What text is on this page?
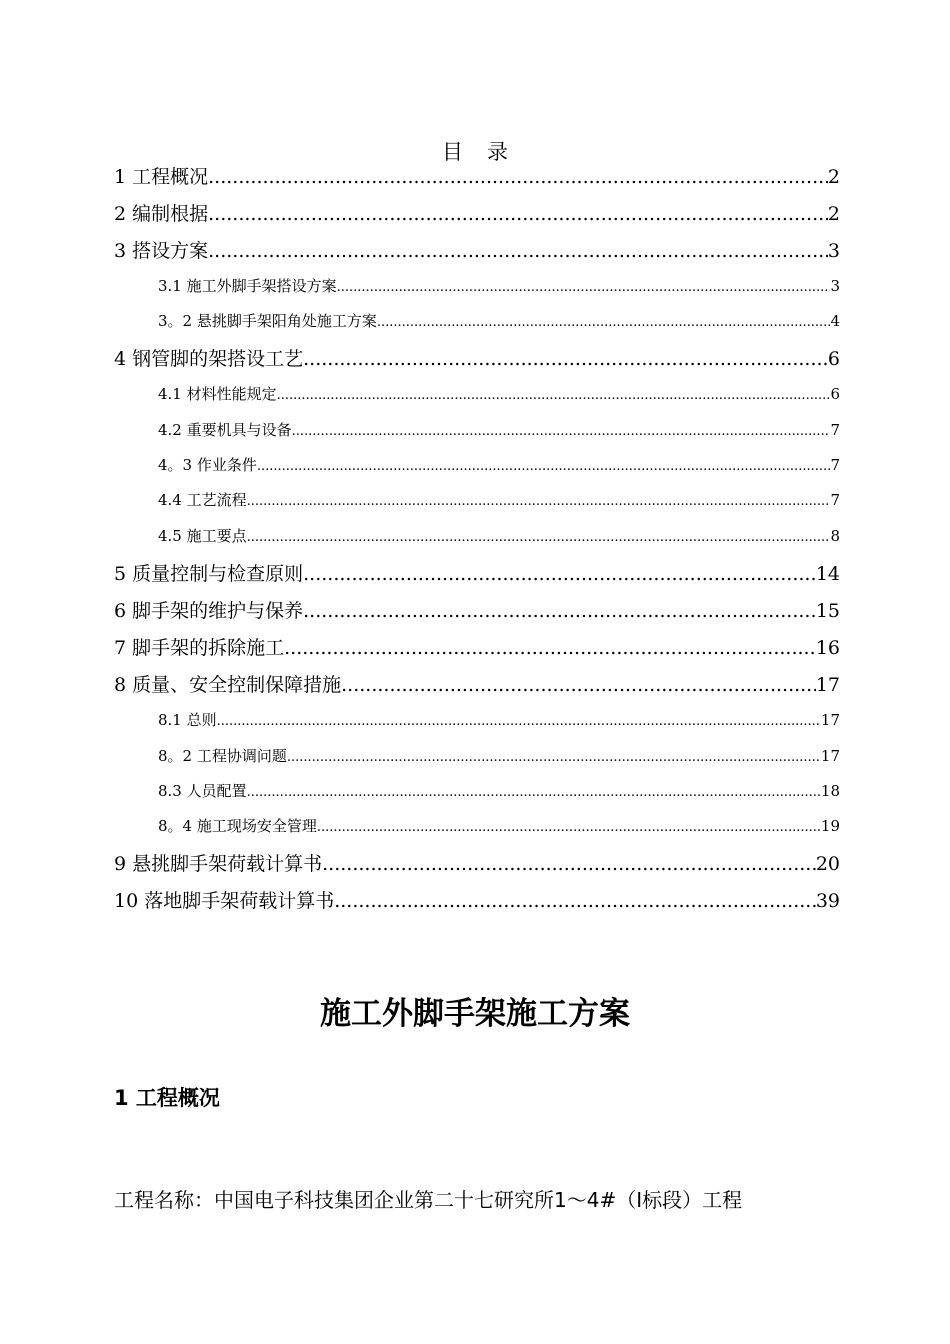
目录
1 工程概况 .....	2
2 编制根据 .....	2
3 搭设方案 .....	3
3.1 施工外脚手架搭设方案 .....	3
3。2 悬挑脚手架阳角处施工方案 .....	4
4 钢管脚的架搭设工艺 .....	6
4.1 材料性能规定 .....	6
4.2 重要机具与设备 .....	7
4。3 作业条件 .....	7
4.4 工艺流程 .....	7
4.5 施工要点 .....	8
5 质量控制与检查原则 .....	14
6 脚手架的维护与保养 .....	15
7 脚手架的拆除施工 .....	16
8 质量、安全控制保障措施 .....	17
8.1 总则 .....	17
8。2 工程协调问题 .....	17
8.3 人员配置 .....	18
8。4 施工现场安全管理 .....	19
9 悬挑脚手架荷载计算书 .....	20
10 落地脚手架荷载计算书 .....	39
施工外脚手架施工方案
1 工程概况
工程名称：中国电子科技集团企业第二十七研究所1～4#（Ⅰ标段）工程
